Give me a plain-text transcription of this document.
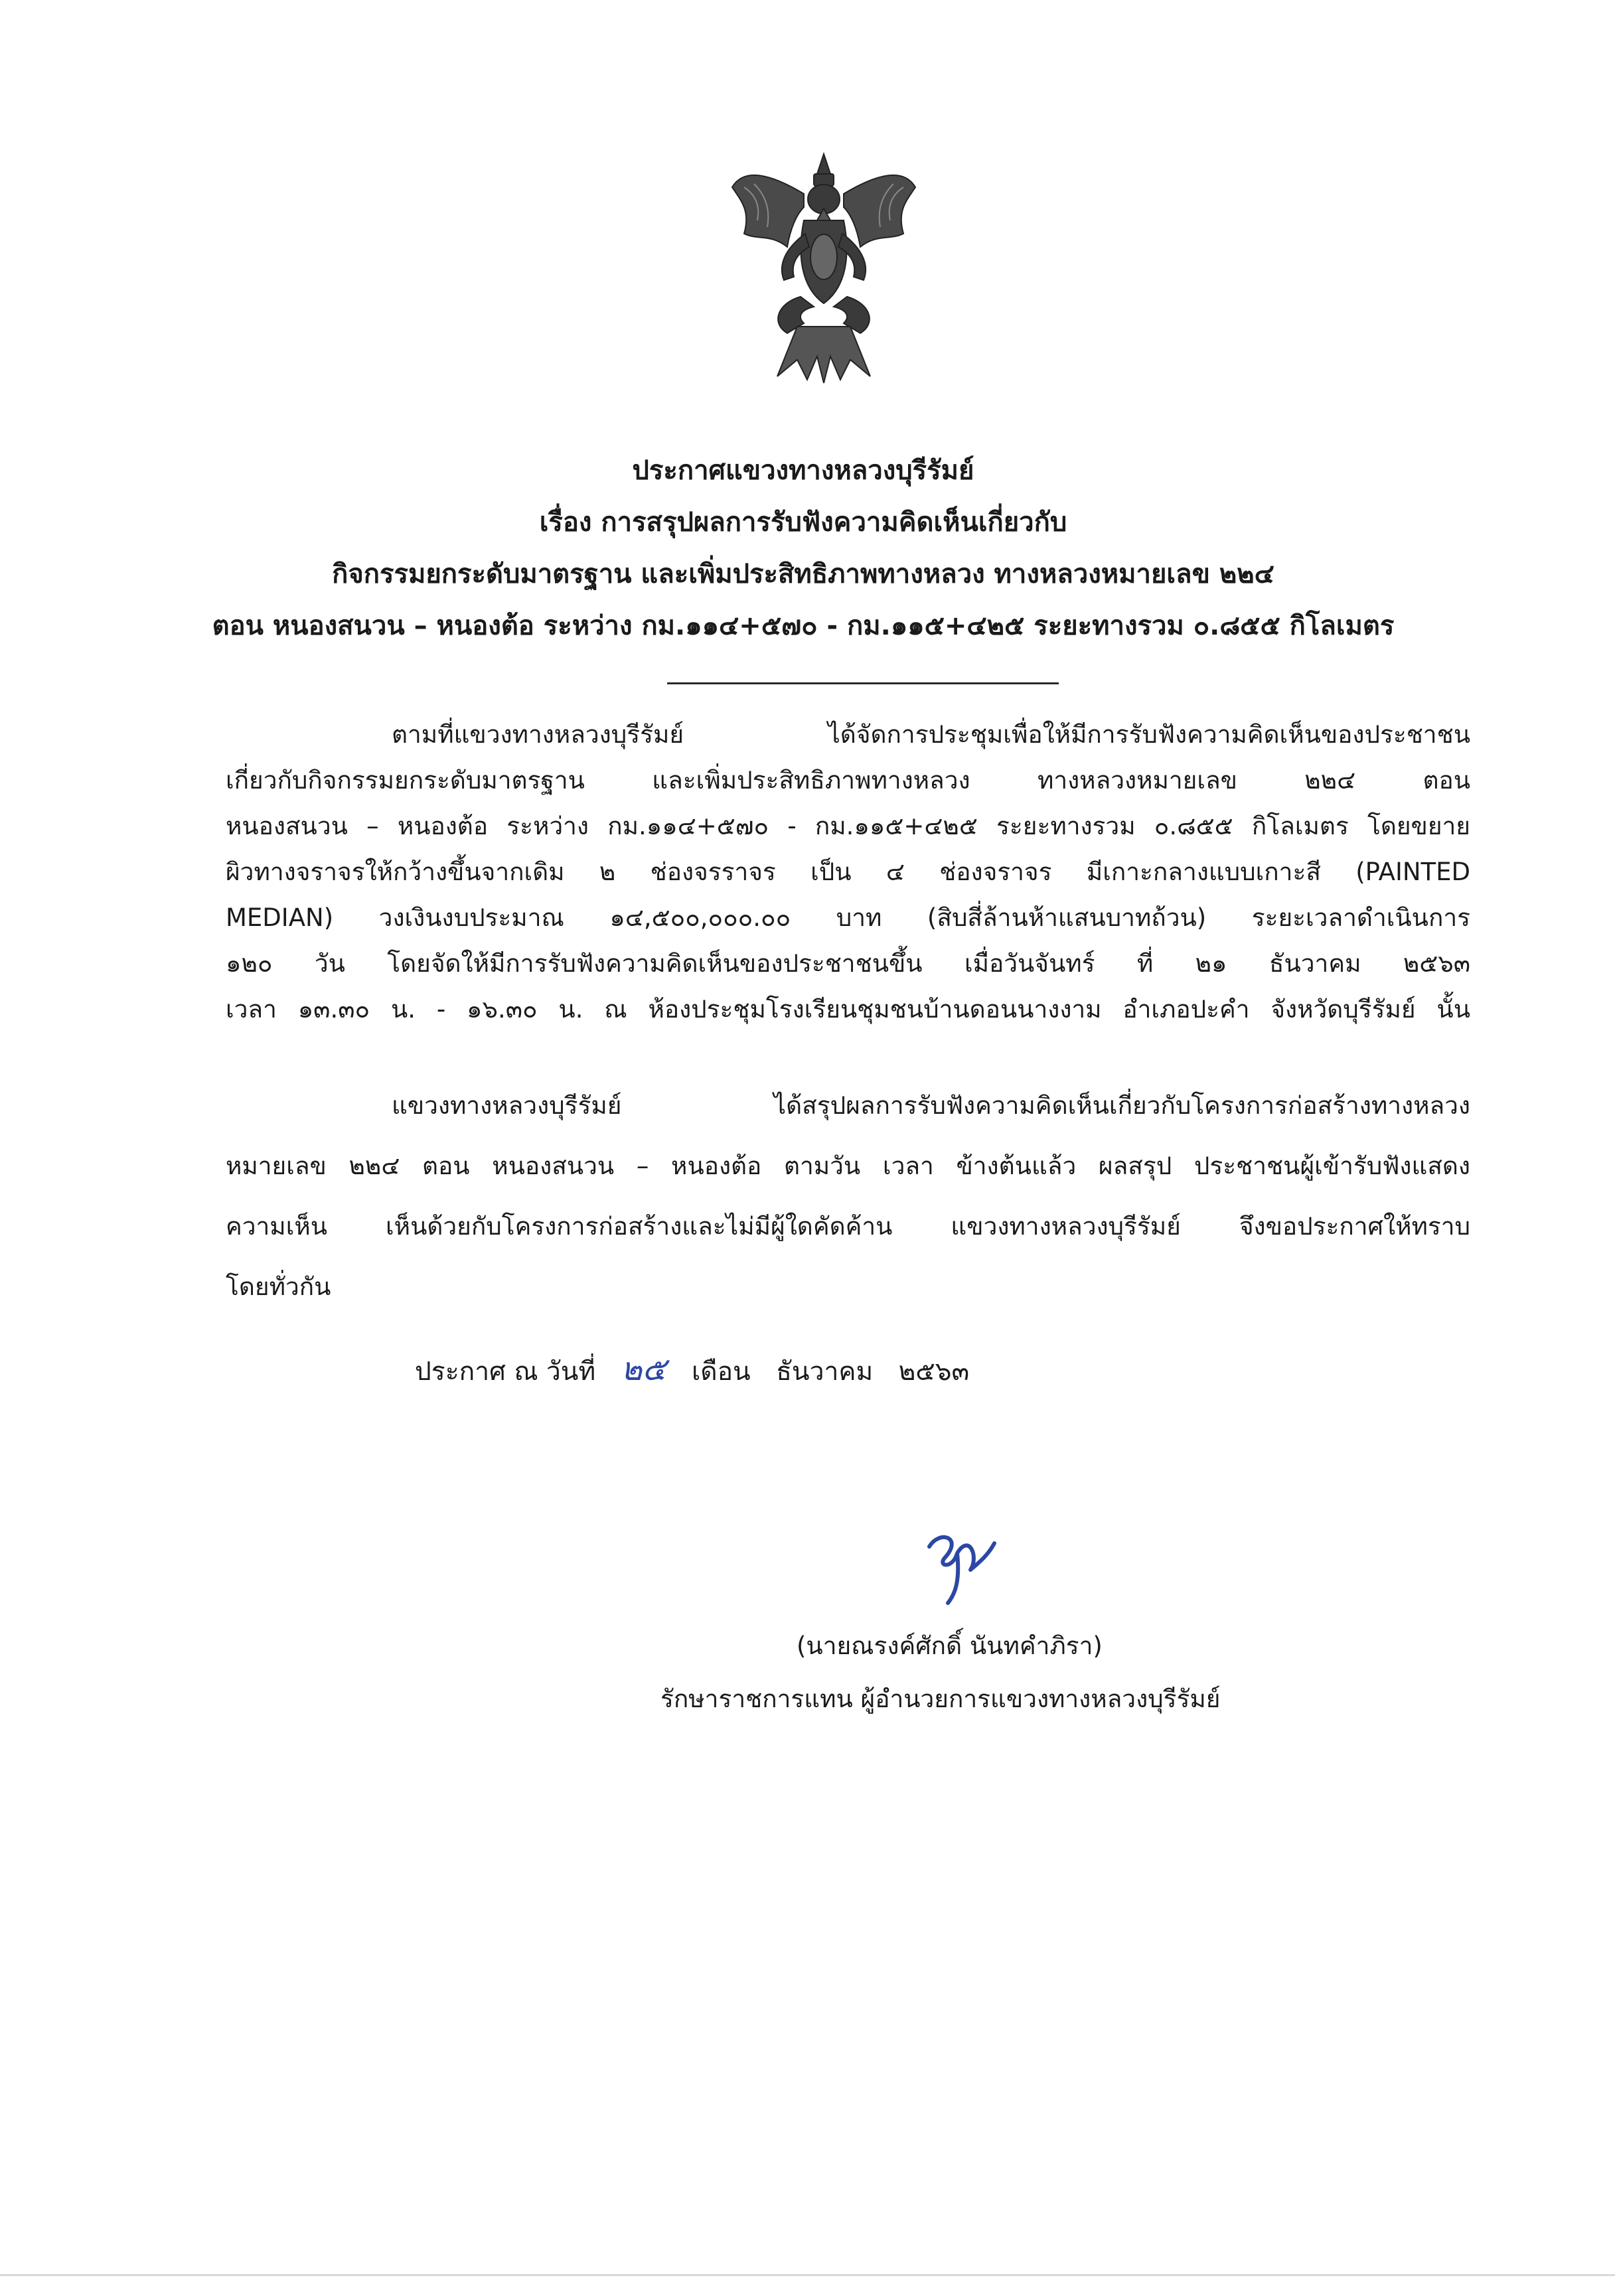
ประกาศแขวงทางหลวงบุรีรัมย์
เรื่อง การสรุปผลการรับฟังความคิดเห็นเกี่ยวกับ
กิจกรรมยกระดับมาตรฐาน และเพิ่มประสิทธิภาพทางหลวง ทางหลวงหมายเลข ๒๒๔
ตอน หนองสนวน – หนองต้อ ระหว่าง กม.๑๑๔+๕๗๐ - กม.๑๑๕+๔๒๕ ระยะทางรวม ๐.๘๕๕ กิโลเมตร
ตามที่แขวงทางหลวงบุรีรัมย์ ได้จัดการประชุมเพื่อให้มีการรับฟังความคิดเห็นของประชาชน
เกี่ยวกับกิจกรรมยกระดับมาตรฐาน และเพิ่มประสิทธิภาพทางหลวง ทางหลวงหมายเลข ๒๒๔ ตอน
หนองสนวน – หนองต้อ ระหว่าง กม.๑๑๔+๕๗๐ - กม.๑๑๕+๔๒๕ ระยะทางรวม ๐.๘๕๕ กิโลเมตร โดยขยาย
ผิวทางจราจรให้กว้างขึ้นจากเดิม ๒ ช่องจรราจร เป็น ๔ ช่องจราจร มีเกาะกลางแบบเกาะสี (PAINTED
MEDIAN) วงเงินงบประมาณ ๑๔,๕๐๐,๐๐๐.๐๐ บาท (สิบสี่ล้านห้าแสนบาทถ้วน) ระยะเวลาดำเนินการ
๑๒๐ วัน โดยจัดให้มีการรับฟังความคิดเห็นของประชาชนขึ้น เมื่อวันจันทร์ ที่ ๒๑ ธันวาคม ๒๕๖๓
เวลา ๑๓.๓๐ น. - ๑๖.๓๐ น. ณ ห้องประชุมโรงเรียนชุมชนบ้านดอนนางงาม อำเภอปะคำ จังหวัดบุรีรัมย์ นั้น
แขวงทางหลวงบุรีรัมย์ ได้สรุปผลการรับฟังความคิดเห็นเกี่ยวกับโครงการก่อสร้างทางหลวง
หมายเลข ๒๒๔ ตอน หนองสนวน – หนองต้อ ตามวัน เวลา ข้างต้นแล้ว ผลสรุป ประชาชนผู้เข้ารับฟังแสดง
ความเห็น เห็นด้วยกับโครงการก่อสร้างและไม่มีผู้ใดคัดค้าน แขวงทางหลวงบุรีรัมย์ จึงขอประกาศให้ทราบ
โดยทั่วกัน
ประกาศ ณ วันที่ ๒๕ เดือน ธันวาคม ๒๕๖๓
(นายณรงค์ศักดิ์ นันทคำภิรา)
รักษาราชการแทน ผู้อำนวยการแขวงทางหลวงบุรีรัมย์
